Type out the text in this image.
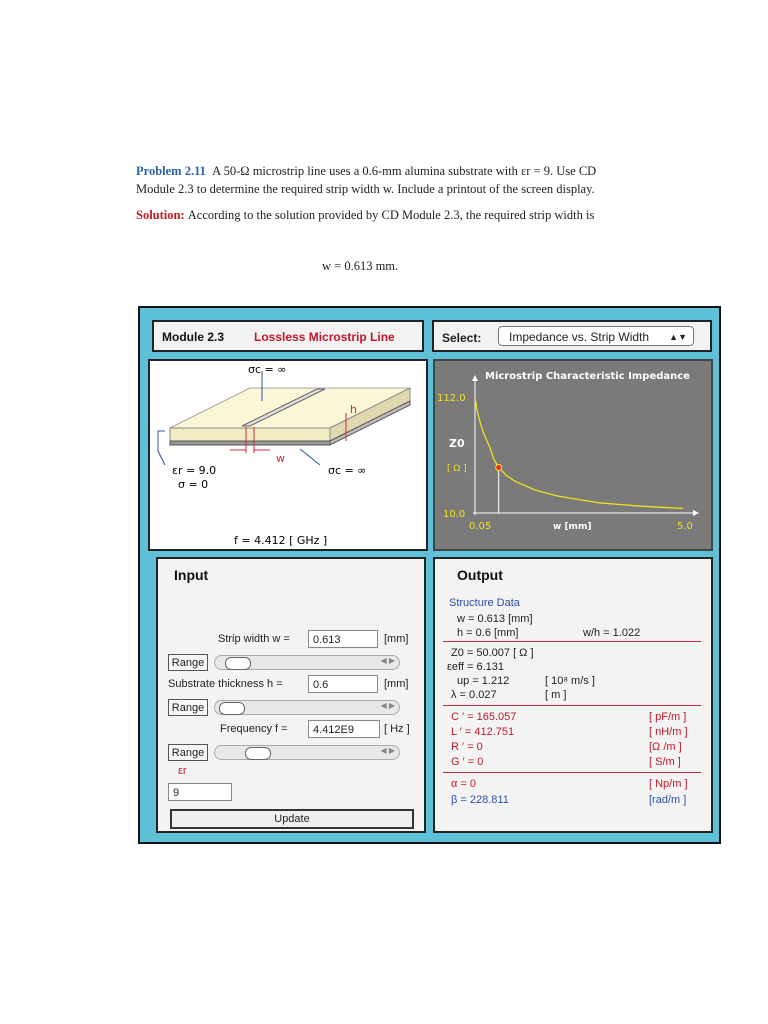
Problem 2.11 A 50-Ω microstrip line uses a 0.6-mm alumina substrate with εr = 9. Use CD Module 2.3 to determine the required strip width w. Include a printout of the screen display.

Solution: According to the solution provided by CD Module 2.3, the required strip width is

w = 0.613 mm.
Module 2.3 Lossless Microstrip Line	Select:	Impedance vs. Strip Width ▲▼
σc = ∞
h
w
εr = 9.0
σ = 0
σc = ∞
f = 4.412 [ GHz ]
Microstrip Characteristic Impedance
Z0
[ Ω ]
w [mm]
112.0
10.0
0.05	5.0
Input
Strip width w =	0.613	[mm]
Range	◀ ▶
Substrate thickness h =	0.6	[mm]
Range	◀ ▶
Frequency f =	4.412E9	[ Hz ]
Range	◀ ▶
εr
9
Update
Output
Structure Data
w = 0.613 [mm]
h = 0.6 [mm]	w/h = 1.022
Z0 = 50.007 [ Ω ]
εeff = 6.131
up = 1.212	[ 10⁸ m/s ]
λ = 0.027	[ m ]
C ′ = 165.057	[ pF/m ]
L ′ = 412.751	[ nH/m ]
R ′ = 0	[Ω /m ]
G ′ = 0	[ S/m ]
α = 0	[ Np/m ]
β = 228.811	[rad/m ]
